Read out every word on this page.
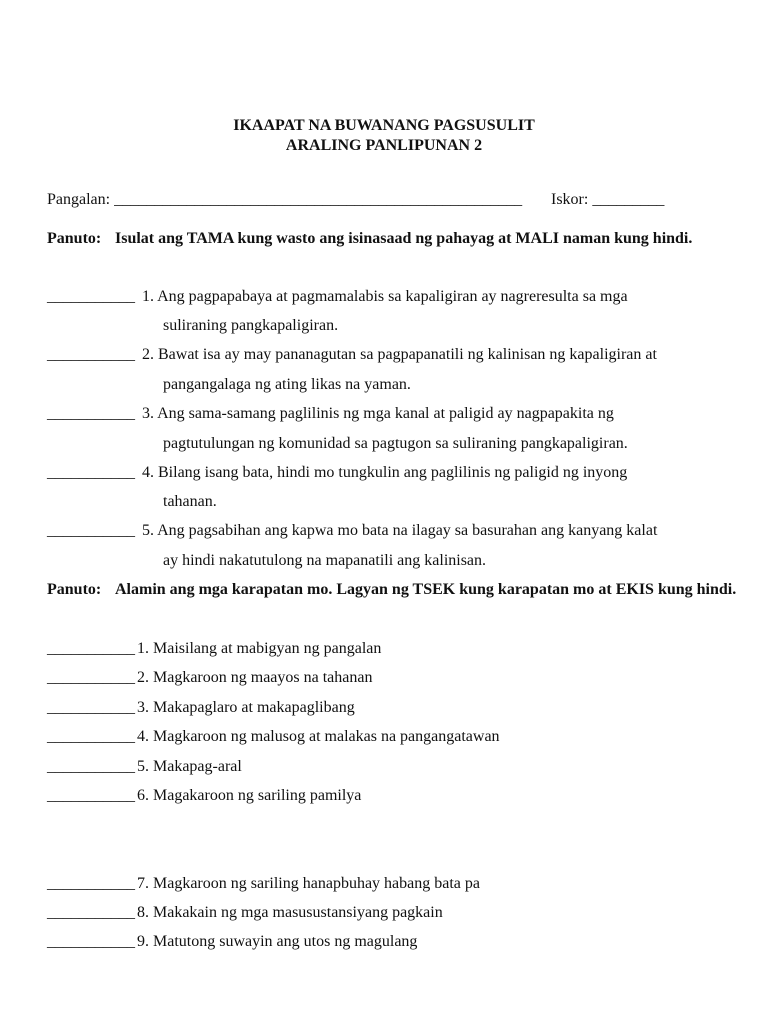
IKAAPAT NA BUWANANG PAGSUSULIT
ARALING PANLIPUNAN 2
Pangalan: ___________________________________________________ Iskor: _________
Panuto: Isulat ang TAMA kung wasto ang isinasaad ng pahayag at MALI naman kung hindi.
___________ 1. Ang pagpapabaya at pagmamalabis sa kapaligiran ay nagreresulta sa mga
suliraning pangkapaligiran.
___________ 2. Bawat isa ay may pananagutan sa pagpapanatili ng kalinisan ng kapaligiran at
pangangalaga ng ating likas na yaman.
___________ 3. Ang sama-samang paglilinis ng mga kanal at paligid ay nagpapakita ng
pagtutulungan ng komunidad sa pagtugon sa suliraning pangkapaligiran.
___________ 4. Bilang isang bata, hindi mo tungkulin ang paglilinis ng paligid ng inyong
tahanan.
___________ 5. Ang pagsabihan ang kapwa mo bata na ilagay sa basurahan ang kanyang kalat
ay hindi nakatutulong na mapanatili ang kalinisan.
Panuto: Alamin ang mga karapatan mo. Lagyan ng TSEK kung karapatan mo at EKIS kung hindi.
___________ 1. Maisilang at mabigyan ng pangalan
___________ 2. Magkaroon ng maayos na tahanan
___________ 3. Makapaglaro at makapaglibang
___________ 4. Magkaroon ng malusog at malakas na pangangatawan
___________ 5. Makapag-aral
___________ 6. Magakaroon ng sariling pamilya
___________ 7. Magkaroon ng sariling hanapbuhay habang bata pa
___________ 8. Makakain ng mga masusustansiyang pagkain
___________ 9. Matutong suwayin ang utos ng magulang
